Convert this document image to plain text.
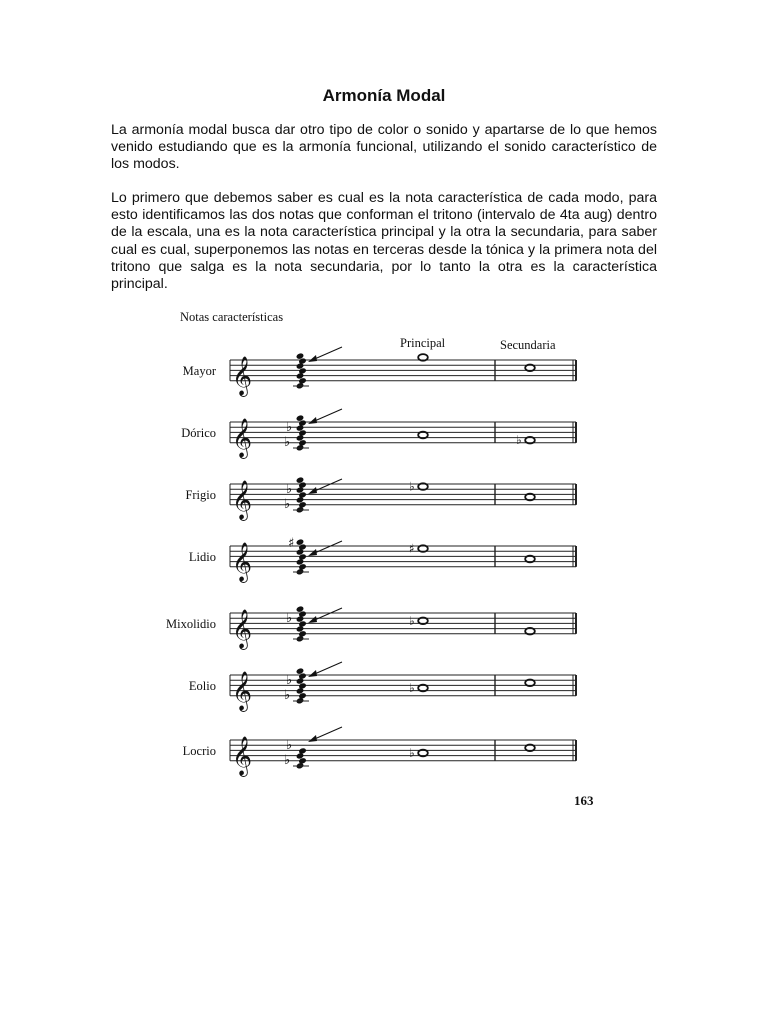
Armonía Modal

La armonía modal busca dar otro tipo de color o sonido y apartarse de lo que hemos venido estudiando que es la armonía funcional, utilizando el sonido característico de los modos.

Lo primero que debemos saber es cual es la nota característica de cada modo, para esto identificamos las dos notas que conforman el tritono (intervalo de 4ta aug) dentro de la escala, una es la nota característica principal y la otra la secundaria, para saber cual es cual, superponemos las notas en terceras desde la tónica y la primera nota del tritono que salga es la nota secundaria, por lo tanto la otra es la característica principal.

Notas características
Principal	Secundaria
Mayor
Dórico
Frigio
Lidio
Mixolidio
Eolio
Locrio
𝄞
𝄞	♭
♭	♭
𝄞	♭
♭
♭
𝄞	♯	♯
𝄞	♭	♭
𝄞	♭
♭	♭
𝄞	♭
♭	♭
163
